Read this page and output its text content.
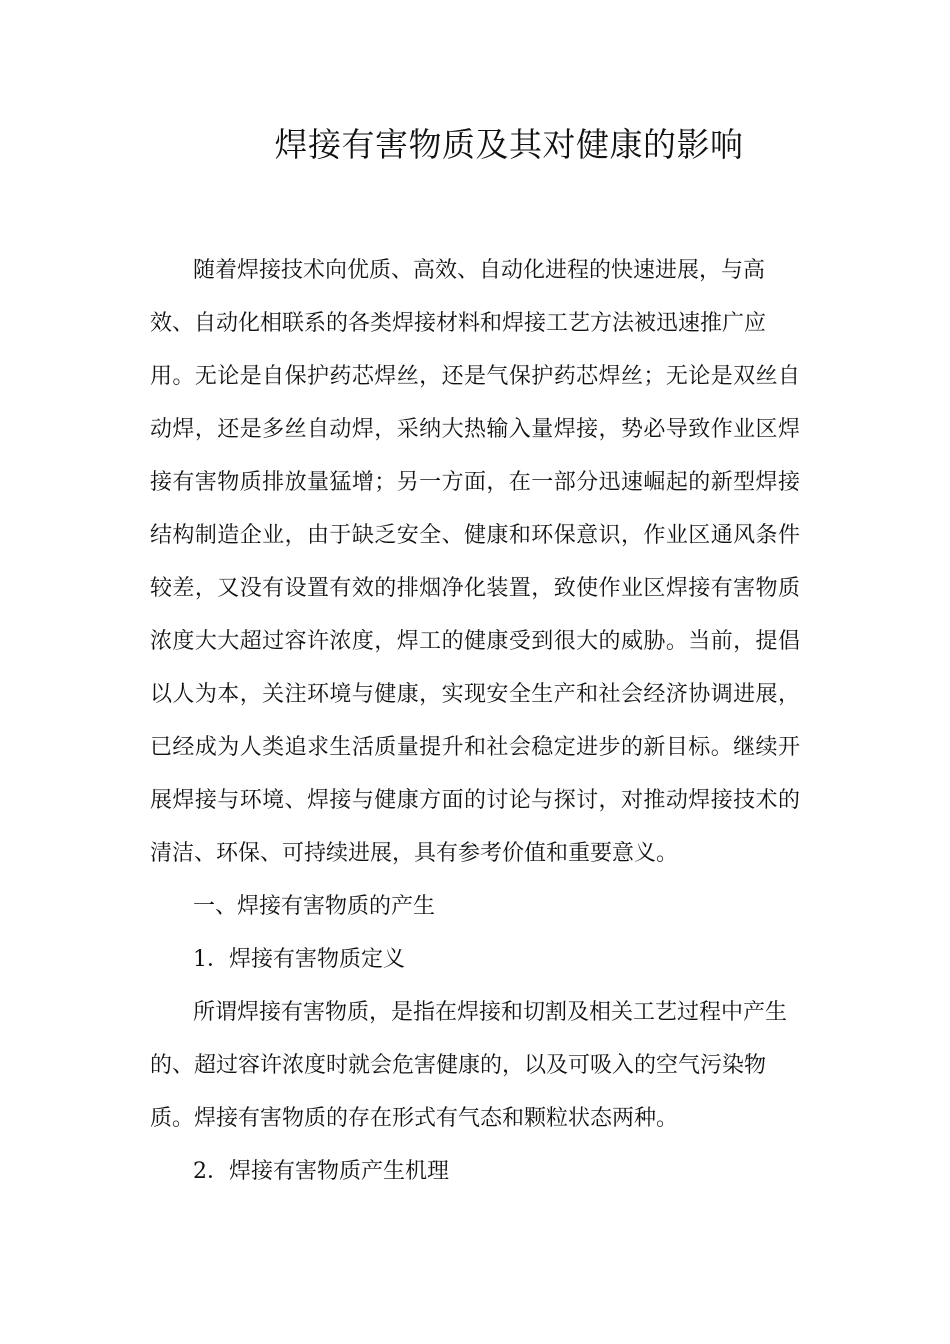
焊接有害物质及其对健康的影响
随着焊接技术向优质、高效、自动化进程的快速进展，与高
效、自动化相联系的各类焊接材料和焊接工艺方法被迅速推广应
用。无论是自保护药芯焊丝，还是气保护药芯焊丝；无论是双丝自
动焊，还是多丝自动焊，采纳大热输入量焊接，势必导致作业区焊
接有害物质排放量猛增；另一方面，在一部分迅速崛起的新型焊接
结构制造企业，由于缺乏安全、健康和环保意识，作业区通风条件
较差，又没有设置有效的排烟净化装置，致使作业区焊接有害物质
浓度大大超过容许浓度，焊工的健康受到很大的威胁。当前，提倡
以人为本，关注环境与健康，实现安全生产和社会经济协调进展，
已经成为人类追求生活质量提升和社会稳定进步的新目标。继续开
展焊接与环境、焊接与健康方面的讨论与探讨，对推动焊接技术的
清洁、环保、可持续进展，具有参考价值和重要意义。
一、焊接有害物质的产生
1．焊接有害物质定义
所谓焊接有害物质，是指在焊接和切割及相关工艺过程中产生
的、超过容许浓度时就会危害健康的，以及可吸入的空气污染物
质。焊接有害物质的存在形式有气态和颗粒状态两种。
2．焊接有害物质产生机理
